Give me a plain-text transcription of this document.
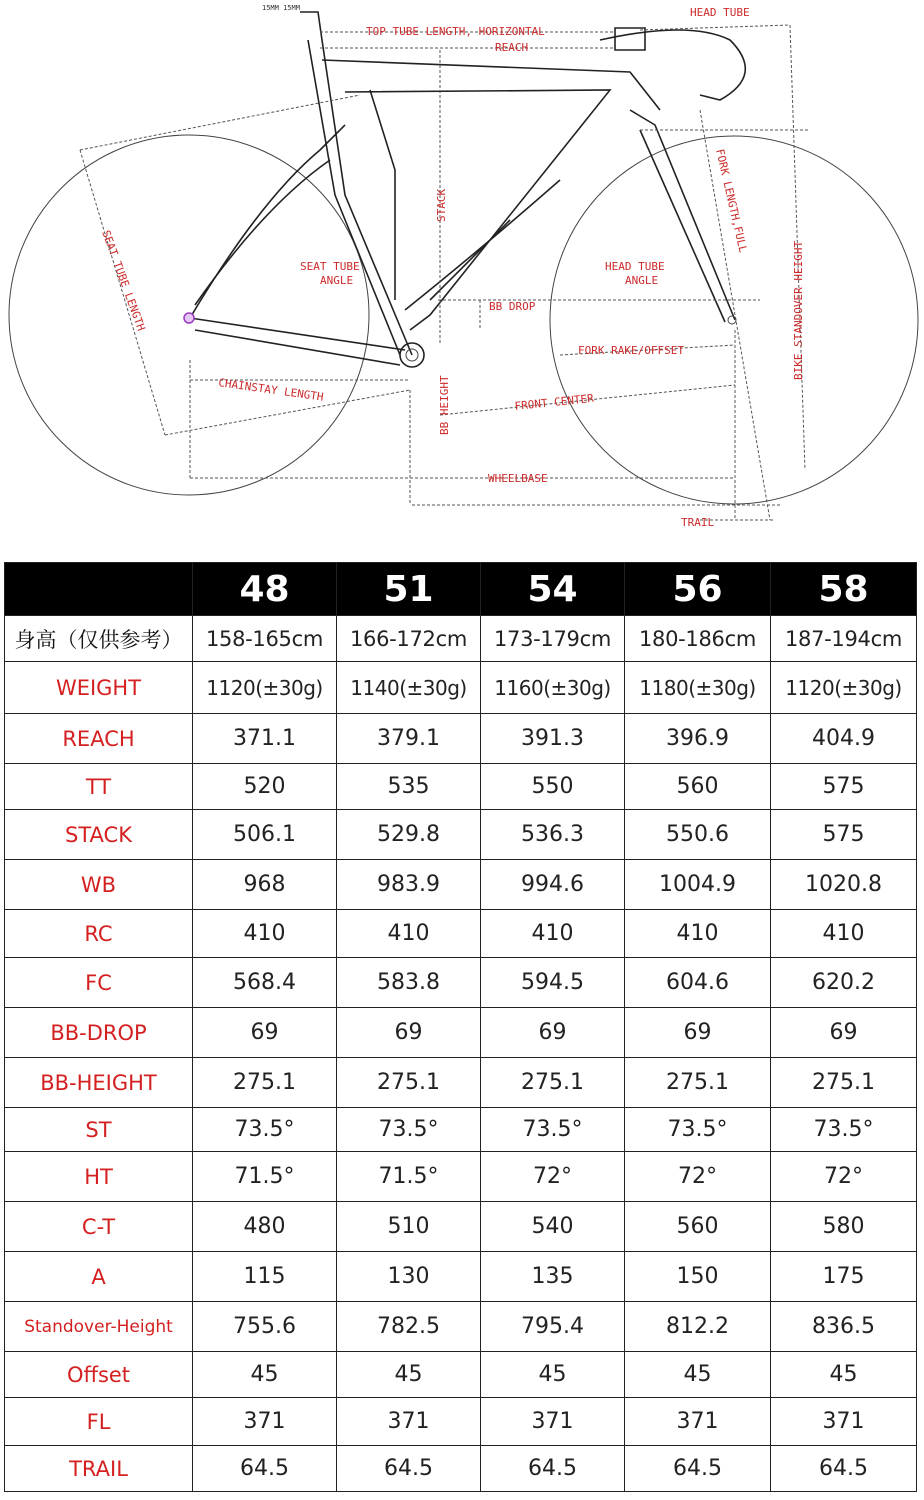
15MM 15MM
TOP TUBE LENGTH, HORIZONTAL
REACH
HEAD TUBE
STACK	FORK LENGTH,FULL
SEAT TUBE LENGTH	SEAT TUBE
ANGLE
HEAD TUBE
ANGLE	BIKE STANDOVER HEIGHT
BB DROP
FORK RAKE/OFFSET
CHAINSTAY LENGTH	FRONT CENTER
BB HEIGHT
WHEELBASE
TRAIL
	48	51	54	56	58
身高（仅供参考）	158-165cm	166-172cm	173-179cm	180-186cm	187-194cm
WEIGHT	1120(±30g)	1140(±30g)	1160(±30g)	1180(±30g)	1120(±30g)
REACH	371.1	379.1	391.3	396.9	404.9
TT	520	535	550	560	575
STACK	506.1	529.8	536.3	550.6	575
WB	968	983.9	994.6	1004.9	1020.8
RC	410	410	410	410	410
FC	568.4	583.8	594.5	604.6	620.2
BB-DROP	69	69	69	69	69
BB-HEIGHT	275.1	275.1	275.1	275.1	275.1
ST	73.5°	73.5°	73.5°	73.5°	73.5°
HT	71.5°	71.5°	72°	72°	72°
C-T	480	510	540	560	580
A	115	130	135	150	175
Standover-Height	755.6	782.5	795.4	812.2	836.5
Offset	45	45	45	45	45
FL	371	371	371	371	371
TRAIL	64.5	64.5	64.5	64.5	64.5
